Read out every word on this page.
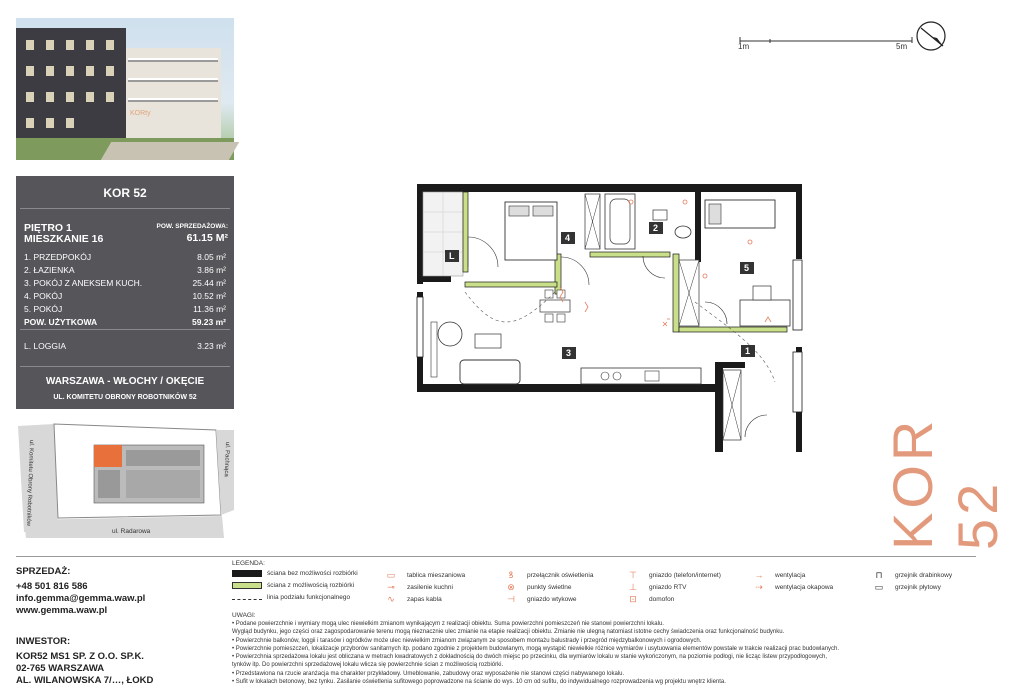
KORty
KOR 52
PIĘTRO 1
MIESZKANIE 16
POW. SPRZEDAŻOWA:
61.15 M²
1. PRZEDPOKÓJ	8.05 m²
2. ŁAZIENKA	3.86 m²
3. POKÓJ Z ANEKSEM KUCH.	25.44 m²
4. POKÓJ	10.52 m²
5. POKÓJ	11.36 m²
POW. UŻYTKOWA	59.23 m²
L. LOGGIA	3.23 m²
WARSZAWA - WŁOCHY / OKĘCIE
UL. KOMITETU OBRONY ROBOTNIKÓW 52
ul. Komitetu Obrony Robotników
ul. Radarowa
ul. Pachnąca
1m	5m
1
2
3
4
5
L
KOR 52
SPRZEDAŻ:
+48 501 816 586
info.gemma@gemma.waw.pl
www.gemma.waw.pl
INWESTOR:
KOR52 MS1 SP. Z O.O. SP.K.
02-765 WARSZAWA
AL. WILANOWSKA 7/…, ŁOKD
LEGENDA:
ściana bez możliwości rozbiórki
ściana z możliwością rozbiórki
linia podziału funkcjonalnego
▭	tablica mieszaniowa
⊸	zasilenie kuchni
∿	zapas kabla
ꝸ	przełącznik oświetlenia
⊗	punkty świetlne
⊣	gniazdo wtykowe
⊤	gniazdo (telefon/internet)
⊥	gniazdo RTV
⊡	domofon
→	wentylacja
⇢	wentylacja okapowa
⊓	grzejnik drabinkowy
▭	grzejnik płytowy
UWAGI:
• Podane powierzchnie i wymiary mogą ulec niewielkim zmianom wynikającym z realizacji obiektu. Suma powierzchni pomieszczeń nie stanowi powierzchni lokalu.
Wygląd budynku, jego części oraz zagospodarowanie terenu mogą nieznacznie ulec zmianie na etapie realizacji obiektu. Zmianie nie ulegną natomiast istotne cechy świadczenia oraz funkcjonalność budynku.
• Powierzchnie balkonów, loggii i tarasów i ogródków może ulec niewielkim zmianom związanym ze sposobem montażu balustrady i przegród międzybalkonowych i ogrodowych.
• Powierzchnie pomieszczeń, lokalizacje przyborów sanitarnych itp. podano zgodnie z projektem budowlanym, mogą wystąpić niewielkie różnice wymiarów i usytuowania elementów powstałe w trakcie realizacji prac budowlanych.
• Powierzchnia sprzedażowa lokalu jest obliczana w metrach kwadratowych z dokładnością do dwóch miejsc po przecinku, dla wymiarów lokalu w stanie wykończonym, na poziomie podłogi, nie licząc listew przypodłogowych,
tynków itp. Do powierzchni sprzedażowej lokalu wlicza się powierzchnie ścian z możliwością rozbiórki.
• Przedstawiona na rzucie aranżacja ma charakter przykładowy. Umeblowanie, zabudowy oraz wyposażenie nie stanowi części nabywanego lokalu.
• Sufit w lokalach betonowy, bez tynku. Zasilanie oświetlenia sufitowego poprowadzone na ścianie do wys. 10 cm od sufitu, do indywidualnego rozprowadzenia wg projektu wnętrz klienta.
